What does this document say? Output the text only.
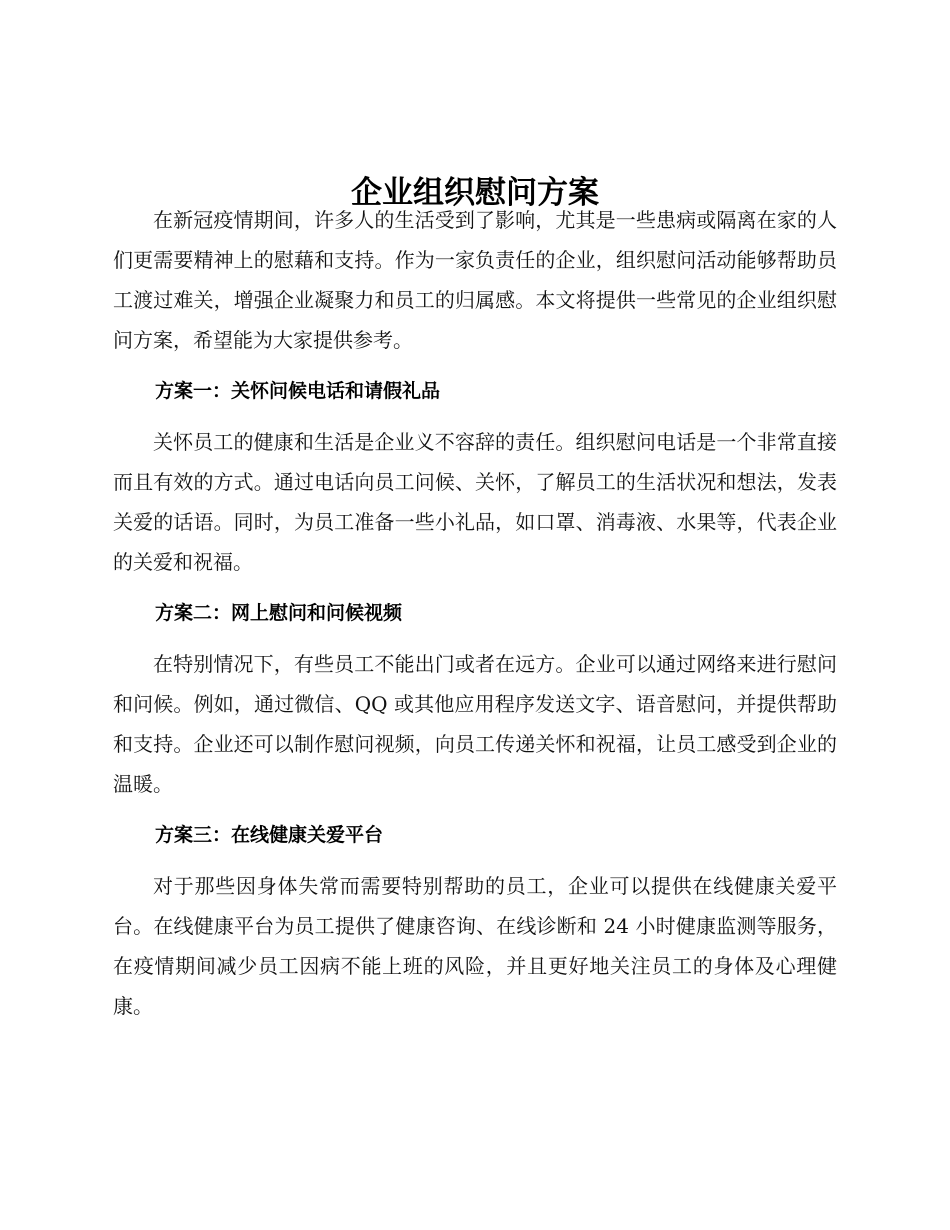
企业组织慰问方案

在新冠疫情期间，许多人的生活受到了影响，尤其是一些患病或隔离在家的人们更需要精神上的慰藉和支持。作为一家负责任的企业，组织慰问活动能够帮助员工渡过难关，增强企业凝聚力和员工的归属感。本文将提供一些常见的企业组织慰问方案，希望能为大家提供参考。

方案一：关怀问候电话和请假礼品

关怀员工的健康和生活是企业义不容辞的责任。组织慰问电话是一个非常直接而且有效的方式。通过电话向员工问候、关怀，了解员工的生活状况和想法，发表关爱的话语。同时，为员工准备一些小礼品，如口罩、消毒液、水果等，代表企业的关爱和祝福。

方案二：网上慰问和问候视频

在特别情况下，有些员工不能出门或者在远方。企业可以通过网络来进行慰问和问候。例如，通过微信、QQ 或其他应用程序发送文字、语音慰问，并提供帮助和支持。企业还可以制作慰问视频，向员工传递关怀和祝福，让员工感受到企业的温暖。

方案三：在线健康关爱平台

对于那些因身体失常而需要特别帮助的员工，企业可以提供在线健康关爱平台。在线健康平台为员工提供了健康咨询、在线诊断和 24 小时健康监测等服务，在疫情期间减少员工因病不能上班的风险，并且更好地关注员工的身体及心理健康。
